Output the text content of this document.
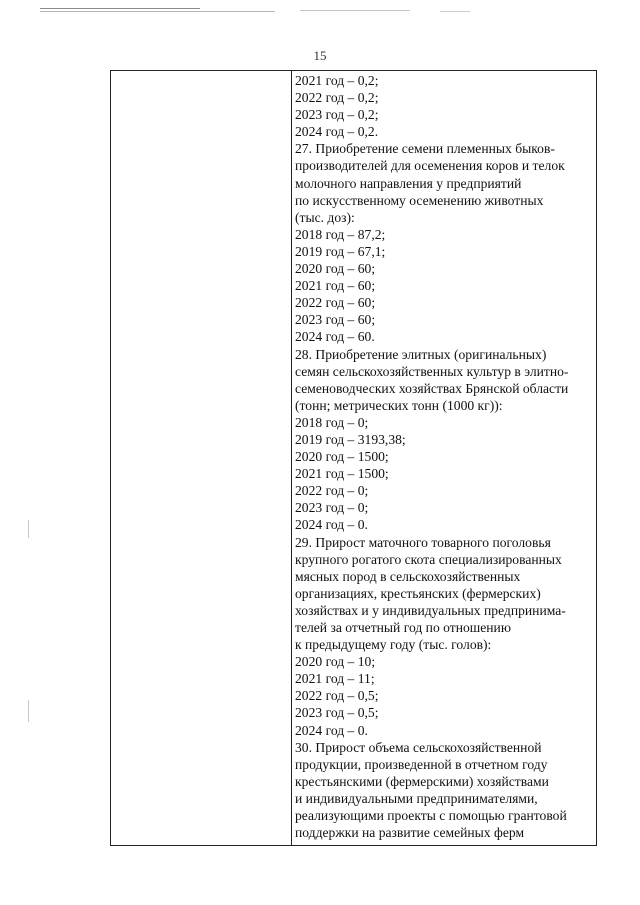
15
2021 год – 0,2;
2022 год – 0,2;
2023 год – 0,2;
2024 год – 0,2.
27. Приобретение семени племенных быков-
производителей для осеменения коров и телок
молочного направления у предприятий
по искусственному осеменению животных
(тыс. доз):
2018 год – 87,2;
2019 год – 67,1;
2020 год – 60;
2021 год – 60;
2022 год – 60;
2023 год – 60;
2024 год – 60.
28. Приобретение элитных (оригинальных)
семян сельскохозяйственных культур в элитно-
семеноводческих хозяйствах Брянской области
(тонн; метрических тонн (1000 кг)):
2018 год – 0;
2019 год – 3193,38;
2020 год – 1500;
2021 год – 1500;
2022 год – 0;
2023 год – 0;
2024 год – 0.
29. Прирост маточного товарного поголовья
крупного рогатого скота специализированных
мясных пород в сельскохозяйственных
организациях, крестьянских (фермерских)
хозяйствах и у индивидуальных предпринима-
телей за отчетный год по отношению
к предыдущему году (тыс. голов):
2020 год – 10;
2021 год – 11;
2022 год – 0,5;
2023 год – 0,5;
2024 год – 0.
30. Прирост объема сельскохозяйственной
продукции, произведенной в отчетном году
крестьянскими (фермерскими) хозяйствами
и индивидуальными предпринимателями,
реализующими проекты с помощью грантовой
поддержки на развитие семейных ферм
